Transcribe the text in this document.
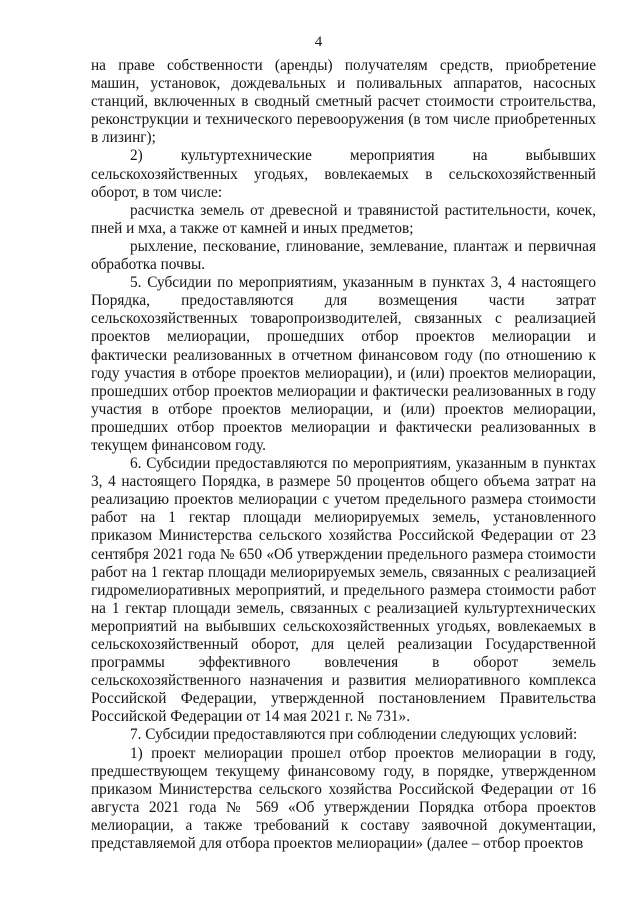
4

на праве собственности (аренды) получателям средств, приобретение машин, установок, дождевальных и поливальных аппаратов, насосных станций, включенных в сводный сметный расчет стоимости строительства, реконструкции и технического перевооружения (в том числе приобретенных в лизинг);

2) культуртехнические мероприятия на выбывших сельскохозяйственных угодьях, вовлекаемых в сельскохозяйственный оборот, в том числе:

расчистка земель от древесной и травянистой растительности, кочек, пней и мха, а также от камней и иных предметов;

рыхление, пескование, глинование, землевание, плантаж и первичная обработка почвы.

5. Субсидии по мероприятиям, указанным в пунктах 3, 4 настоящего Порядка, предоставляются для возмещения части затрат сельскохозяйственных товаропроизводителей, связанных с реализацией проектов мелиорации, прошедших отбор проектов мелиорации и фактически реализованных в отчетном финансовом году (по отношению к году участия в отборе проектов мелиорации), и (или) проектов мелиорации, прошедших отбор проектов мелиорации и фактически реализованных в году участия в отборе проектов мелиорации, и (или) проектов мелиорации, прошедших отбор проектов мелиорации и фактически реализованных в текущем финансовом году.

6. Субсидии предоставляются по мероприятиям, указанным в пунктах 3, 4 настоящего Порядка, в размере 50 процентов общего объема затрат на реализацию проектов мелиорации с учетом предельного размера стоимости работ на 1 гектар площади мелиорируемых земель, установленного приказом Министерства сельского хозяйства Российской Федерации от 23 сентября 2021 года № 650 «Об утверждении предельного размера стоимости работ на 1 гектар площади мелиорируемых земель, связанных с реализацией гидромелиоративных мероприятий, и предельного размера стоимости работ на 1 гектар площади земель, связанных с реализацией культуртехнических мероприятий на выбывших сельскохозяйственных угодьях, вовлекаемых в сельскохозяйственный оборот, для целей реализации Государственной программы эффективного вовлечения в оборот земель сельскохозяйственного назначения и развития мелиоративного комплекса Российской Федерации, утвержденной постановлением Правительства Российской Федерации от 14 мая 2021 г. № 731».

7. Субсидии предоставляются при соблюдении следующих условий:

1) проект мелиорации прошел отбор проектов мелиорации в году, предшествующем текущему финансовому году, в порядке, утвержденном приказом Министерства сельского хозяйства Российской Федерации от 16 августа 2021 года № 569 «Об утверждении Порядка отбора проектов мелиорации, а также требований к составу заявочной документации, представляемой для отбора проектов мелиорации» (далее – отбор проектов
